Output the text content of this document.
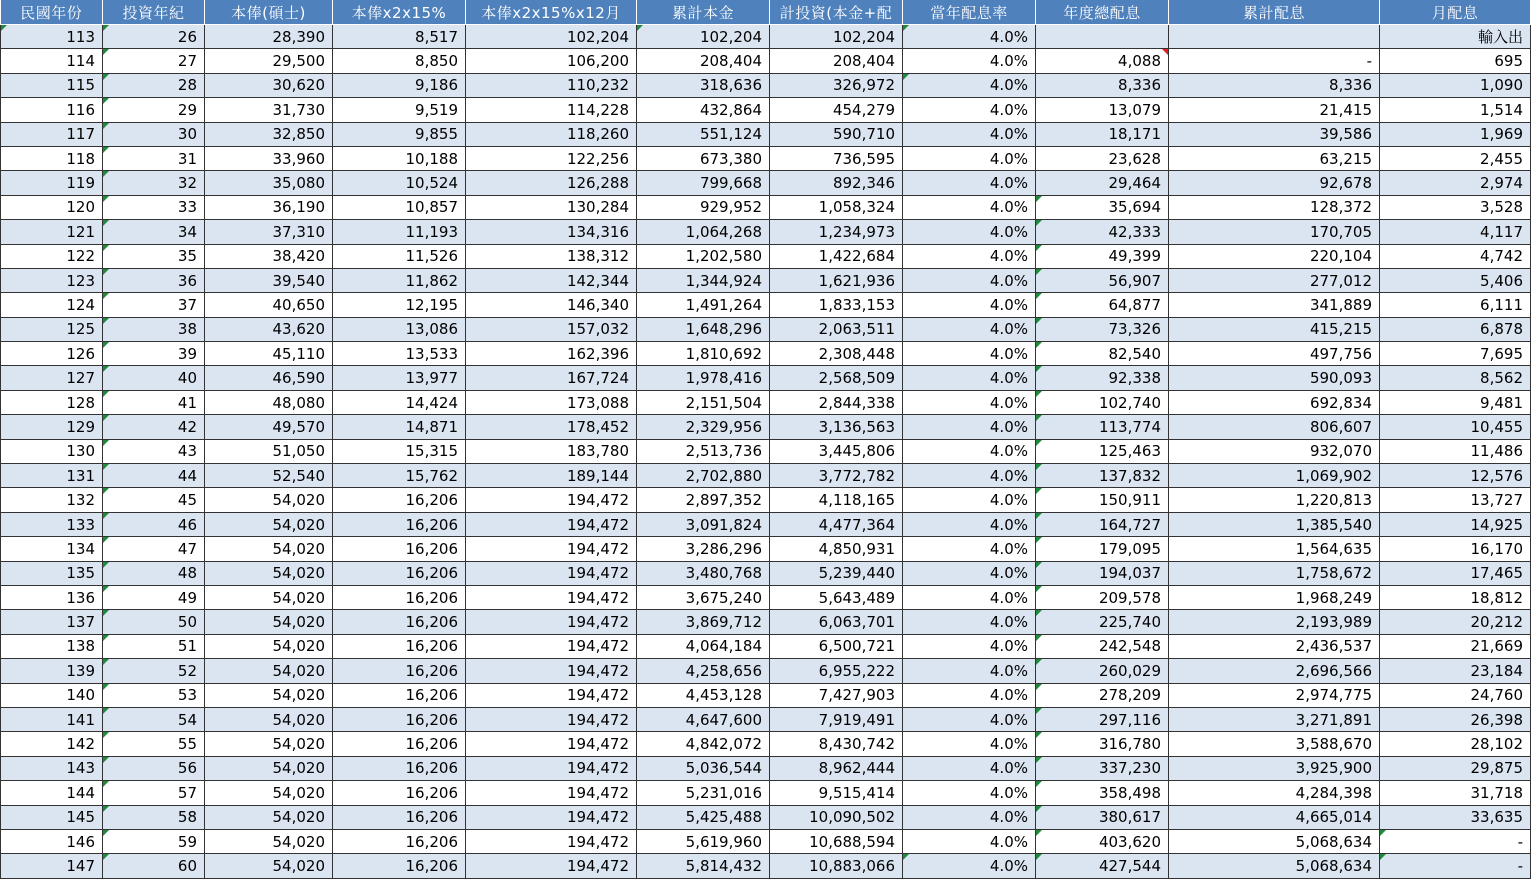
民國年份	投資年紀	本俸(碩士)	本俸x2x15%	本俸x2x15%x12月	累計本金	計投資(本金+配	當年配息率	年度總配息	累計配息	月配息
113	26	28,390	8,517	102,204	102,204	102,204	4.0%			輸入出
114	27	29,500	8,850	106,200	208,404	208,404	4.0%	4,088	-	695
115	28	30,620	9,186	110,232	318,636	326,972	4.0%	8,336	8,336	1,090
116	29	31,730	9,519	114,228	432,864	454,279	4.0%	13,079	21,415	1,514
117	30	32,850	9,855	118,260	551,124	590,710	4.0%	18,171	39,586	1,969
118	31	33,960	10,188	122,256	673,380	736,595	4.0%	23,628	63,215	2,455
119	32	35,080	10,524	126,288	799,668	892,346	4.0%	29,464	92,678	2,974
120	33	36,190	10,857	130,284	929,952	1,058,324	4.0%	35,694	128,372	3,528
121	34	37,310	11,193	134,316	1,064,268	1,234,973	4.0%	42,333	170,705	4,117
122	35	38,420	11,526	138,312	1,202,580	1,422,684	4.0%	49,399	220,104	4,742
123	36	39,540	11,862	142,344	1,344,924	1,621,936	4.0%	56,907	277,012	5,406
124	37	40,650	12,195	146,340	1,491,264	1,833,153	4.0%	64,877	341,889	6,111
125	38	43,620	13,086	157,032	1,648,296	2,063,511	4.0%	73,326	415,215	6,878
126	39	45,110	13,533	162,396	1,810,692	2,308,448	4.0%	82,540	497,756	7,695
127	40	46,590	13,977	167,724	1,978,416	2,568,509	4.0%	92,338	590,093	8,562
128	41	48,080	14,424	173,088	2,151,504	2,844,338	4.0%	102,740	692,834	9,481
129	42	49,570	14,871	178,452	2,329,956	3,136,563	4.0%	113,774	806,607	10,455
130	43	51,050	15,315	183,780	2,513,736	3,445,806	4.0%	125,463	932,070	11,486
131	44	52,540	15,762	189,144	2,702,880	3,772,782	4.0%	137,832	1,069,902	12,576
132	45	54,020	16,206	194,472	2,897,352	4,118,165	4.0%	150,911	1,220,813	13,727
133	46	54,020	16,206	194,472	3,091,824	4,477,364	4.0%	164,727	1,385,540	14,925
134	47	54,020	16,206	194,472	3,286,296	4,850,931	4.0%	179,095	1,564,635	16,170
135	48	54,020	16,206	194,472	3,480,768	5,239,440	4.0%	194,037	1,758,672	17,465
136	49	54,020	16,206	194,472	3,675,240	5,643,489	4.0%	209,578	1,968,249	18,812
137	50	54,020	16,206	194,472	3,869,712	6,063,701	4.0%	225,740	2,193,989	20,212
138	51	54,020	16,206	194,472	4,064,184	6,500,721	4.0%	242,548	2,436,537	21,669
139	52	54,020	16,206	194,472	4,258,656	6,955,222	4.0%	260,029	2,696,566	23,184
140	53	54,020	16,206	194,472	4,453,128	7,427,903	4.0%	278,209	2,974,775	24,760
141	54	54,020	16,206	194,472	4,647,600	7,919,491	4.0%	297,116	3,271,891	26,398
142	55	54,020	16,206	194,472	4,842,072	8,430,742	4.0%	316,780	3,588,670	28,102
143	56	54,020	16,206	194,472	5,036,544	8,962,444	4.0%	337,230	3,925,900	29,875
144	57	54,020	16,206	194,472	5,231,016	9,515,414	4.0%	358,498	4,284,398	31,718
145	58	54,020	16,206	194,472	5,425,488	10,090,502	4.0%	380,617	4,665,014	33,635
146	59	54,020	16,206	194,472	5,619,960	10,688,594	4.0%	403,620	5,068,634	-
147	60	54,020	16,206	194,472	5,814,432	10,883,066	4.0%	427,544	5,068,634	-
